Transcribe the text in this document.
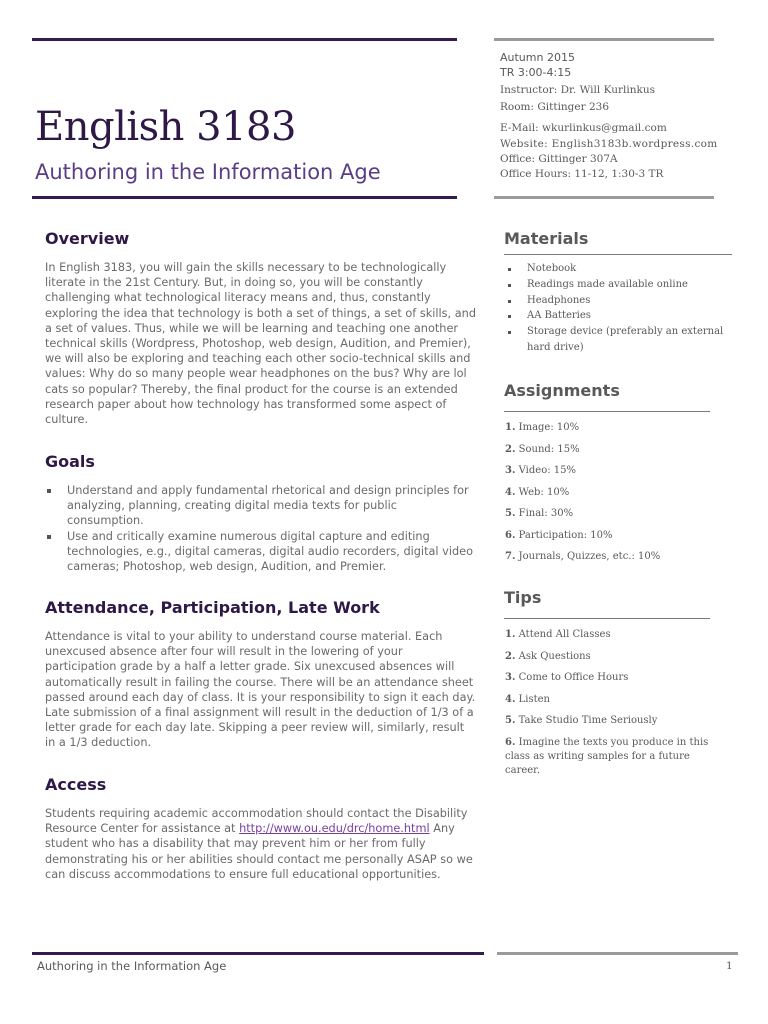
Autumn 2015
TR 3:00-4:15
Instructor: Dr. Will Kurlinkus
Room: Gittinger 236
E-Mail: wkurlinkus@gmail.com
Website: English3183b.wordpress.com
Office: Gittinger 307A
Office Hours: 11-12, 1:30-3 TR
English 3183
Authoring in the Information Age
Overview

In English 3183, you will gain the skills necessary to be technologically literate in the 21st Century. But, in doing so, you will be constantly challenging what technological literacy means and, thus, constantly exploring the idea that technology is both a set of things, a set of skills, and a set of values. Thus, while we will be learning and teaching one another technical skills (Wordpress, Photoshop, web design, Audition, and Premier), we will also be exploring and teaching each other socio-technical skills and values: Why do so many people wear headphones on the bus? Why are lol cats so popular? Thereby, the final product for the course is an extended research paper about how technology has transformed some aspect of culture.

Goals
Understand and apply fundamental rhetorical and design principles for analyzing, planning, creating digital media texts for public consumption.
Use and critically examine numerous digital capture and editing technologies, e.g., digital cameras, digital audio recorders, digital video cameras; Photoshop, web design, Audition, and Premier.
Attendance, Participation, Late Work

Attendance is vital to your ability to understand course material. Each unexcused absence after four will result in the lowering of your participation grade by a half a letter grade. Six unexcused absences will automatically result in failing the course. There will be an attendance sheet passed around each day of class. It is your responsibility to sign it each day. Late submission of a final assignment will result in the deduction of 1/3 of a letter grade for each day late. Skipping a peer review will, similarly, result in a 1/3 deduction.

Access

Students requiring academic accommodation should contact the Disability Resource Center for assistance at http://www.ou.edu/drc/home.html Any student who has a disability that may prevent him or her from fully demonstrating his or her abilities should contact me personally ASAP so we can discuss accommodations to ensure full educational opportunities.

Materials
Notebook
Readings made available online
Headphones
AA Batteries
Storage device (preferably an external hard drive)
Assignments
1. Image: 10%
2. Sound: 15%
3. Video: 15%
4. Web: 10%
5. Final: 30%
6. Participation: 10%
7. Journals, Quizzes, etc.: 10%
Tips
1. Attend All Classes
2. Ask Questions
3. Come to Office Hours
4. Listen
5. Take Studio Time Seriously
6. Imagine the texts you produce in this class as writing samples for a future career.
Authoring in the Information Age	1
